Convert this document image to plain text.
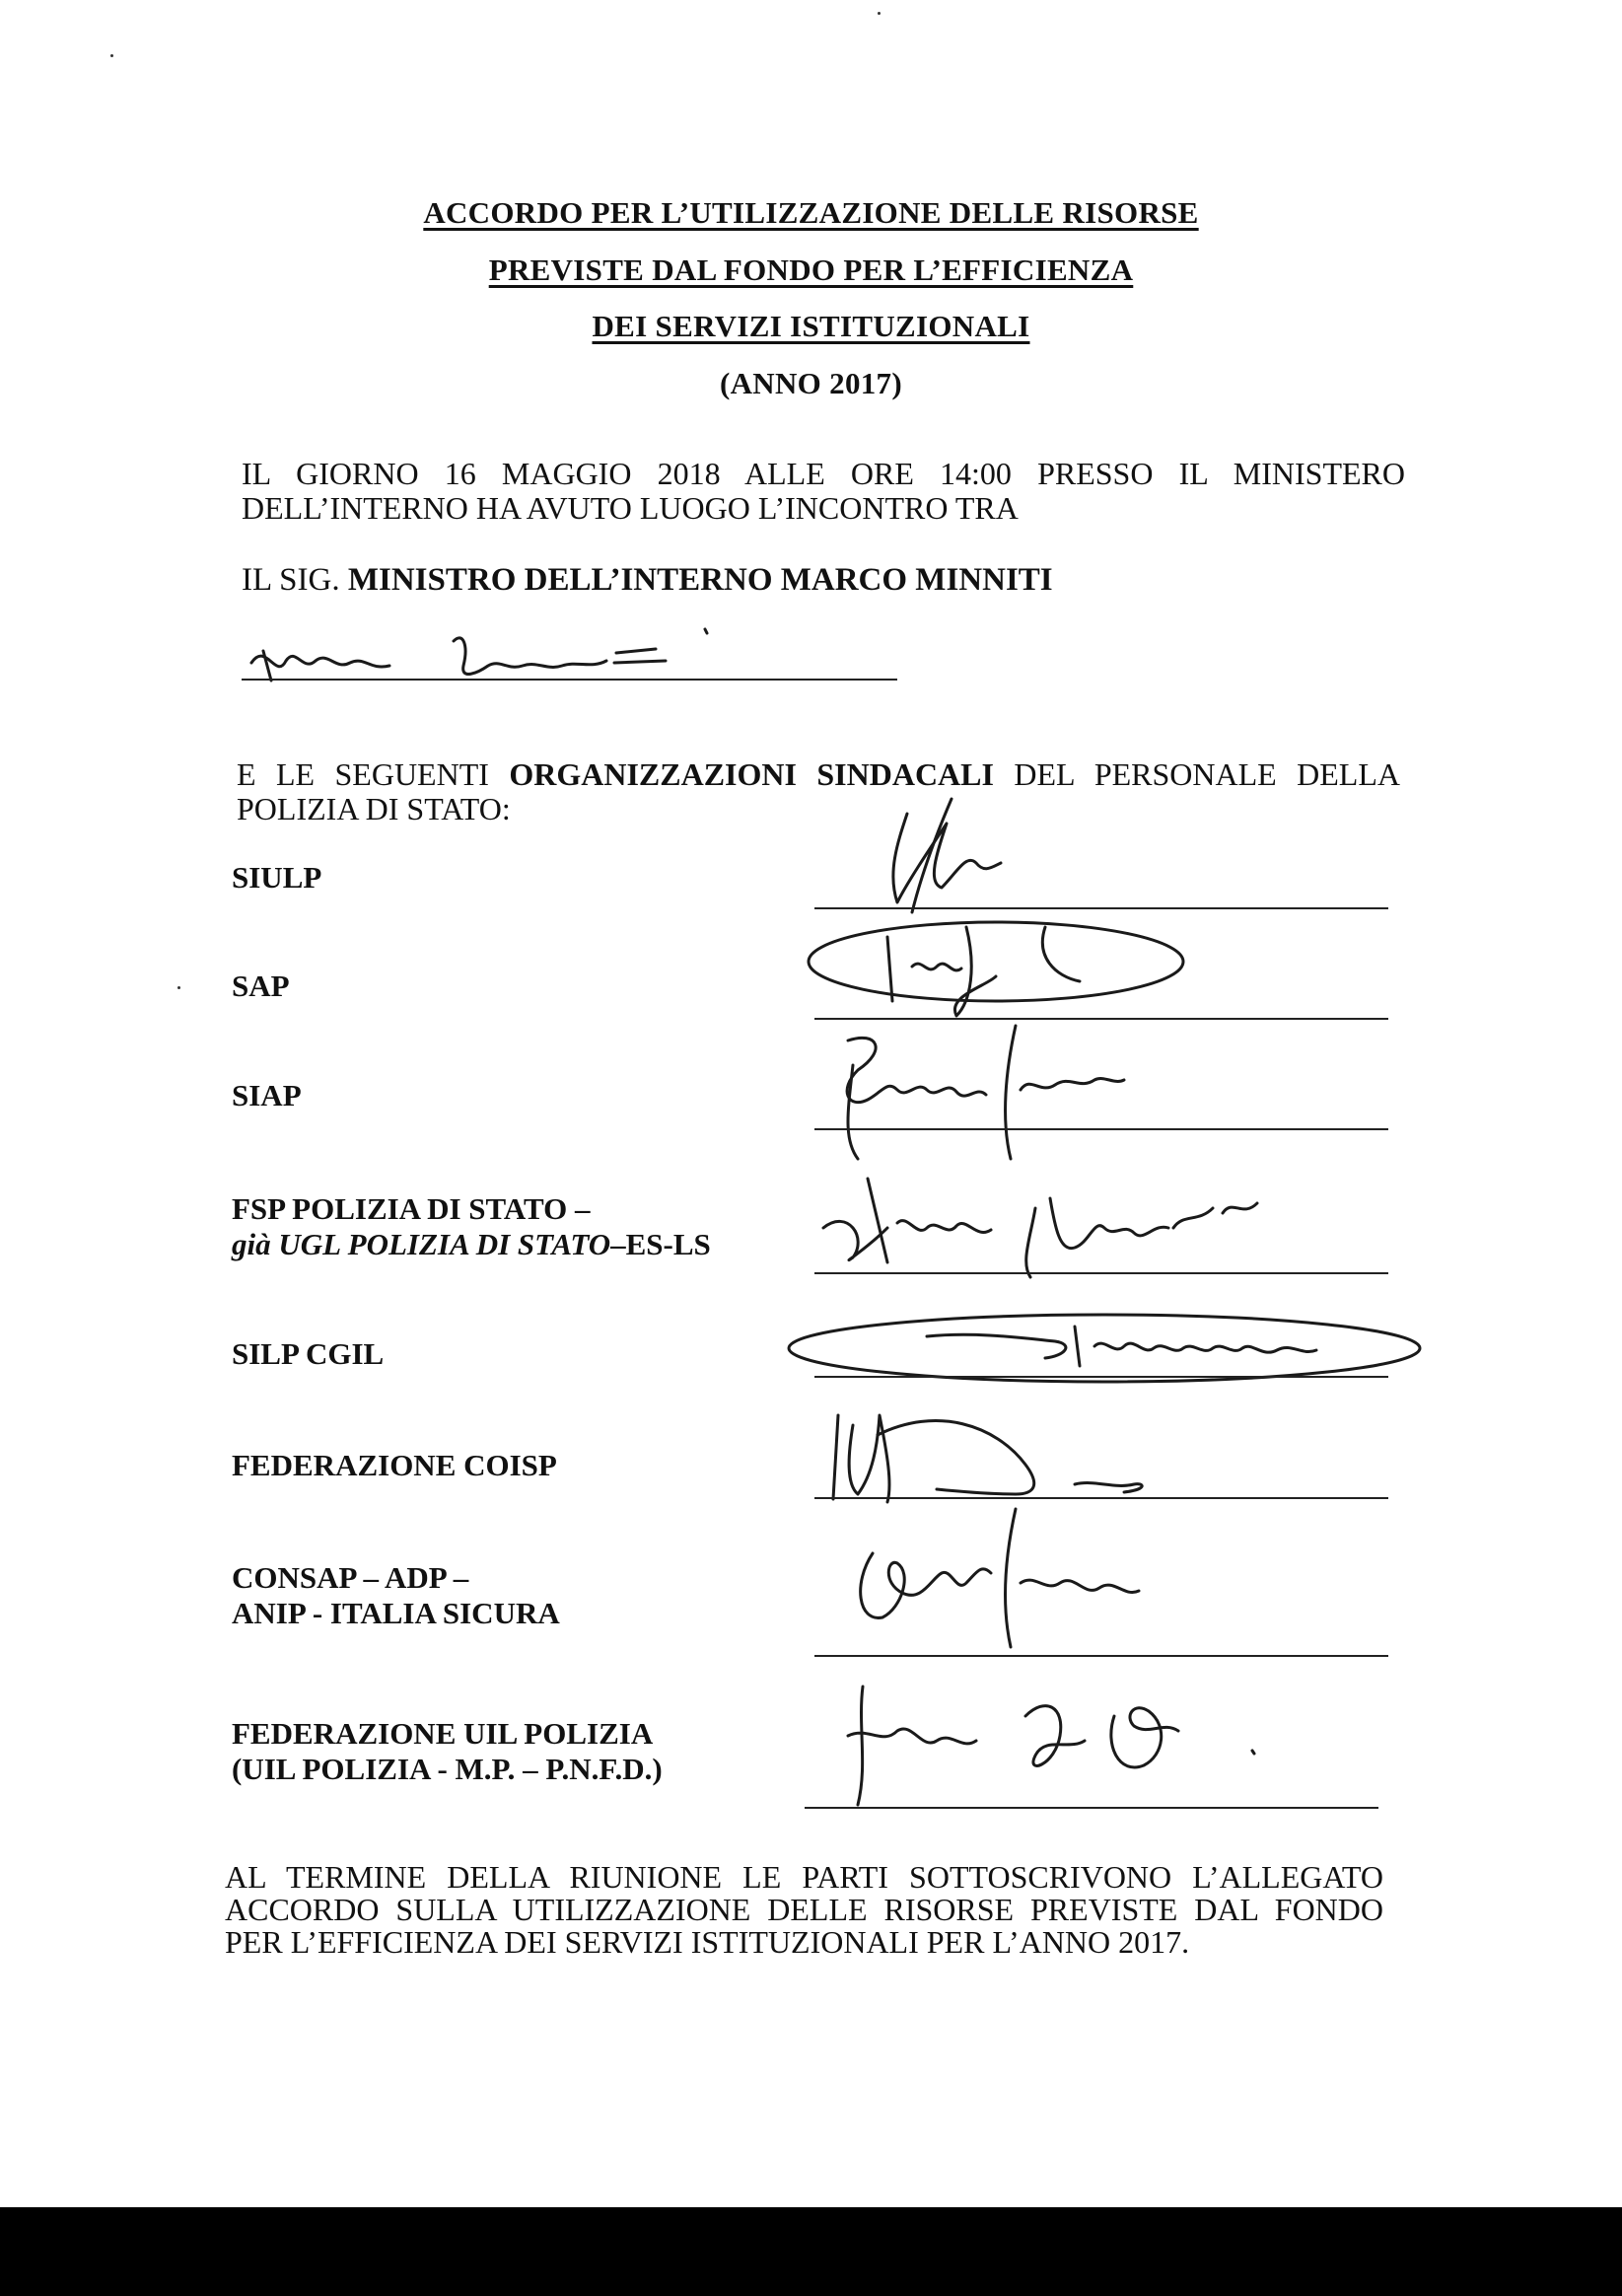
ACCORDO PER L’UTILIZZAZIONE DELLE RISORSE
PREVISTE DAL FONDO PER L’EFFICIENZA
DEI SERVIZI ISTITUZIONALI
(ANNO 2017)
IL GIORNO 16 MAGGIO 2018 ALLE ORE 14:00 PRESSO IL MINISTERO DELL’INTERNO HA AVUTO LUOGO L’INCONTRO TRA
IL SIG. MINISTRO DELL’INTERNO MARCO MINNITI
E LE SEGUENTI ORGANIZZAZIONI SINDACALI DEL PERSONALE DELLA POLIZIA DI STATO:
SIULP
SAP
SIAP
FSP POLIZIA DI STATO –
già UGL POLIZIA DI STATO–ES-LS
SILP CGIL
FEDERAZIONE COISP
CONSAP – ADP –
ANIP - ITALIA SICURA
FEDERAZIONE UIL POLIZIA
(UIL POLIZIA - M.P. – P.N.F.D.)
AL TERMINE DELLA RIUNIONE LE PARTI SOTTOSCRIVONO L’ALLEGATO ACCORDO SULLA UTILIZZAZIONE DELLE RISORSE PREVISTE DAL FONDO PER L’EFFICIENZA DEI SERVIZI ISTITUZIONALI PER L’ANNO 2017.
